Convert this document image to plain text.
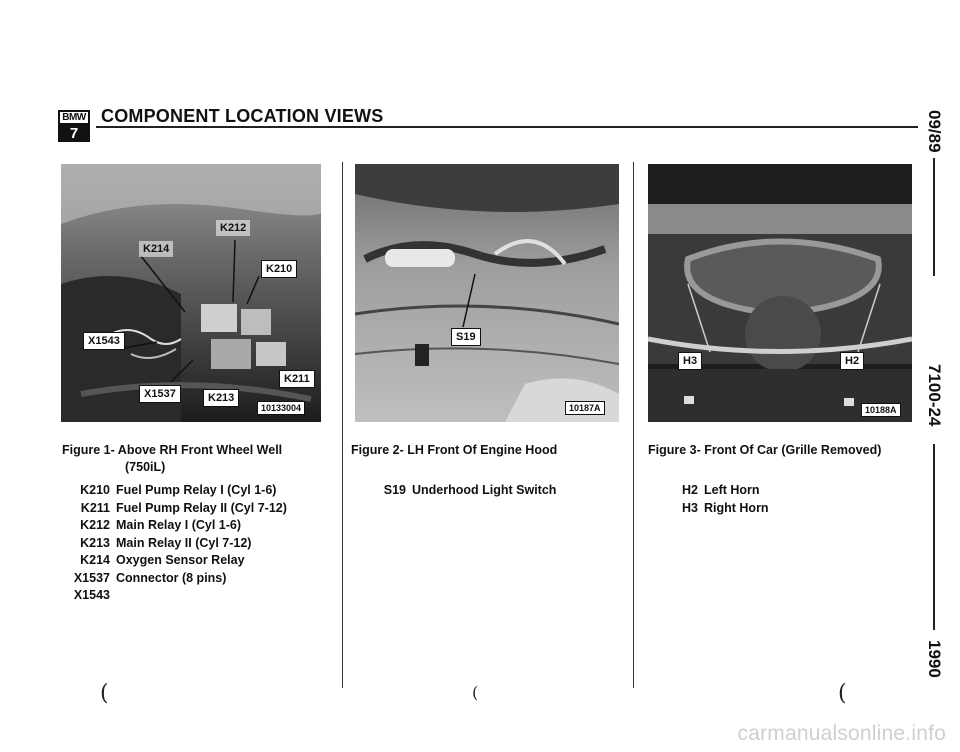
BMW
7
COMPONENT LOCATION VIEWS	09/89
7100-24
1990
K212
K214
K210
X1543
X1537	K213
K211
10133004
S19
10187A
H3	H2
10188A
Figure 1- Above RH Front Wheel Well
(750iL)
Figure 2- LH Front Of Engine Hood	Figure 3- Front Of Car (Grille Removed)
K210 Fuel Pump Relay I (Cyl 1-6)
K211 Fuel Pump Relay II (Cyl 7-12)
K212 Main Relay I (Cyl 1-6)
K213 Main Relay II (Cyl 7-12)
K214 Oxygen Sensor Relay
X1537 Connector (8 pins)
X1543
S19 Underhood Light Switch	H2 Left Horn
H3 Right Horn
(	(	(
carmanualsonline.info
